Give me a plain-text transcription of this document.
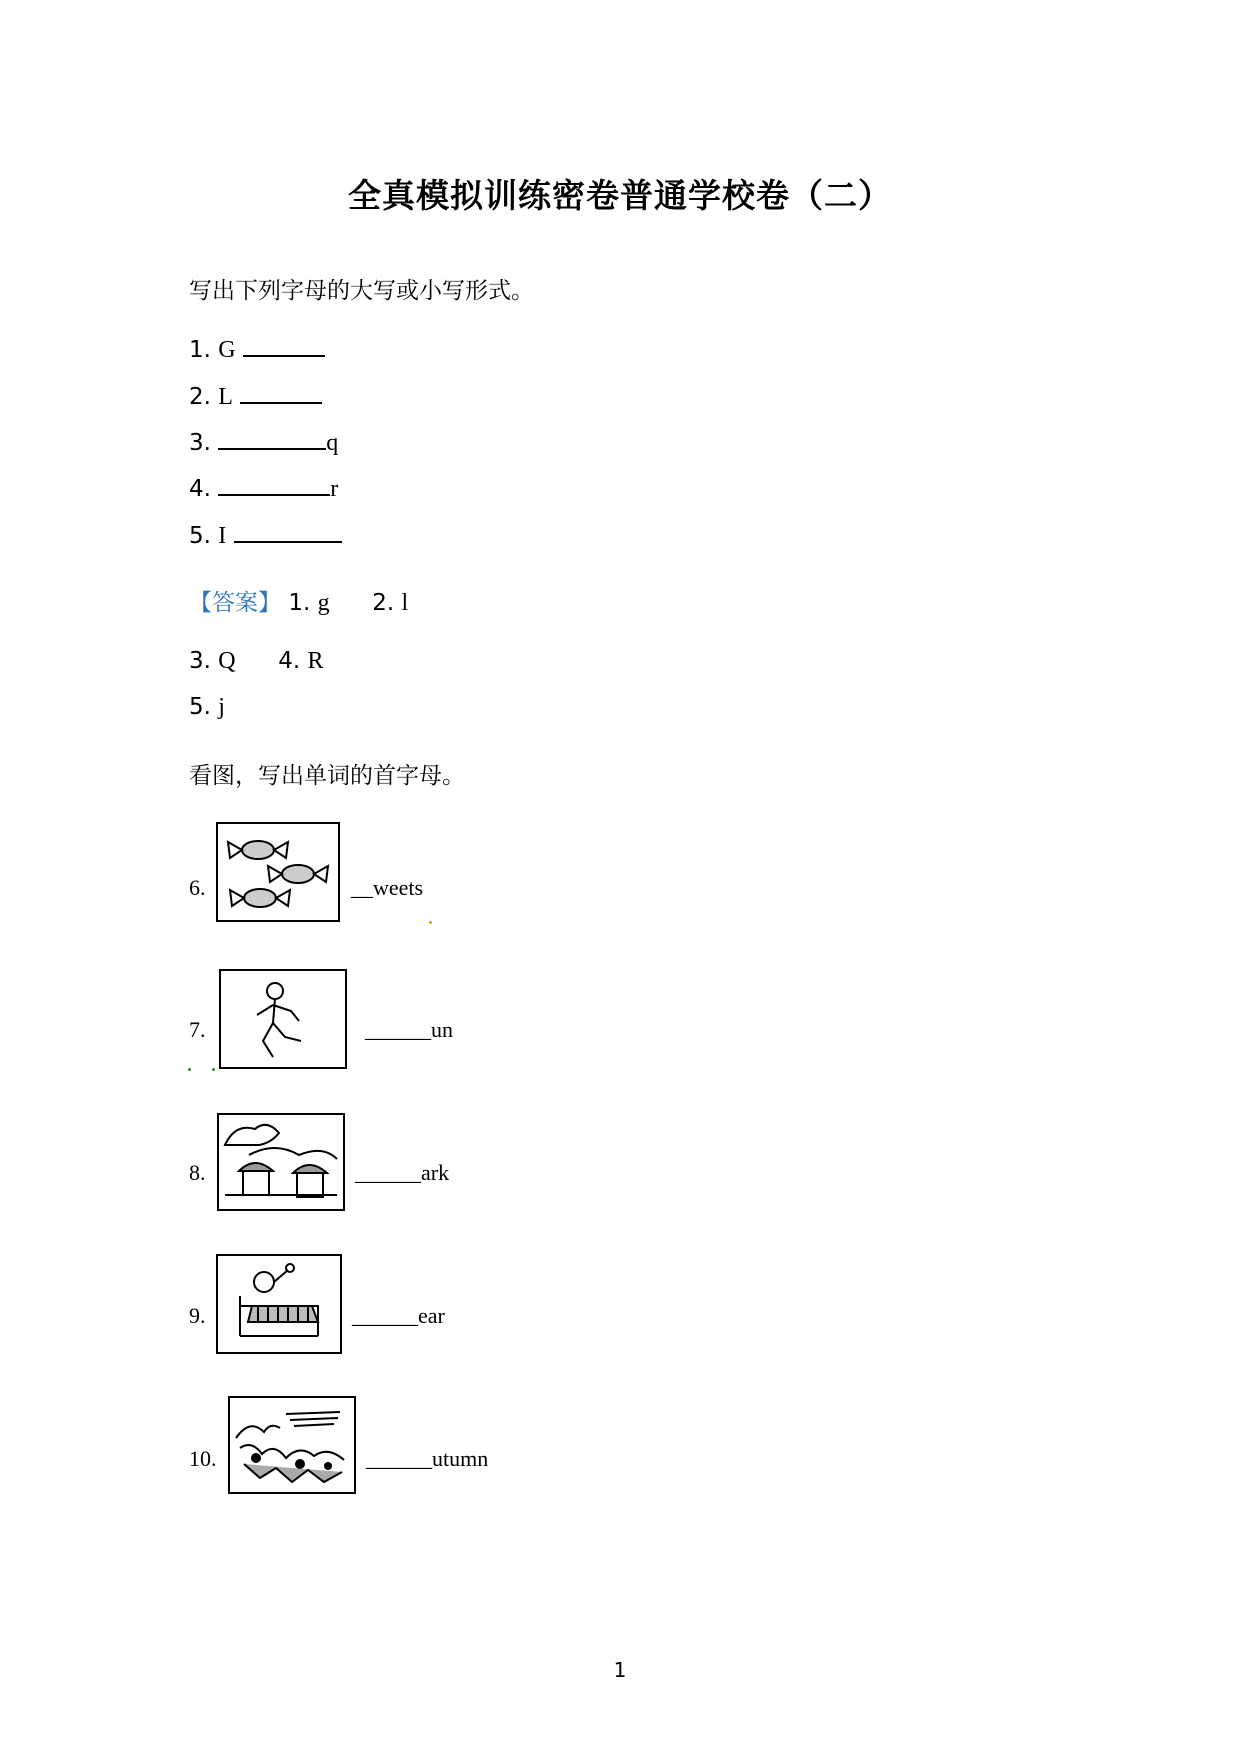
全真模拟训练密卷普通学校卷（二）
写出下列字母的大写或小写形式。
1. G
2. L
3.	q
4.	r
5. I
【答案】 1. g 2. l
3. Q 4. R
5. j
看图，写出单词的首字母。
6.	__weets
7.	______un
8.	______ark
9.	______ear
10.	______utumn
1
